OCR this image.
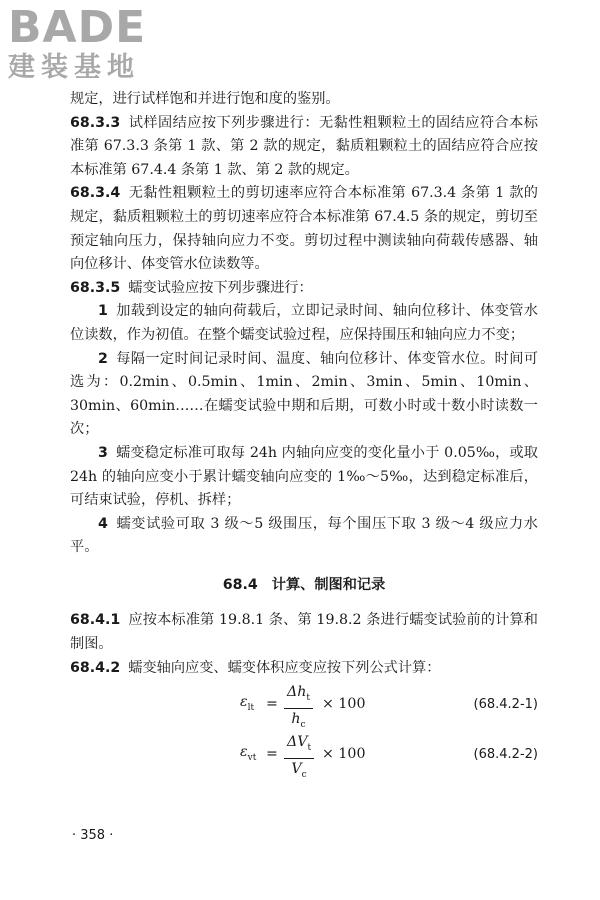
BADE
建装基地

规定，进行试样饱和并进行饱和度的鉴别。

68.3.3 试样固结应按下列步骤进行：无黏性粗颗粒土的固结应符合本标准第 67.3.3 条第 1 款、第 2 款的规定，黏质粗颗粒土的固结应符合应按本标准第 67.4.4 条第 1 款、第 2 款的规定。

68.3.4 无黏性粗颗粒土的剪切速率应符合本标准第 67.3.4 条第 1 款的规定，黏质粗颗粒土的剪切速率应符合本标准第 67.4.5 条的规定，剪切至预定轴向压力，保持轴向应力不变。剪切过程中测读轴向荷载传感器、轴向位移计、体变管水位读数等。

68.3.5 蠕变试验应按下列步骤进行：

1 加载到设定的轴向荷载后，立即记录时间、轴向位移计、体变管水位读数，作为初值。在整个蠕变试验过程，应保持围压和轴向应力不变；

2 每隔一定时间记录时间、温度、轴向位移计、体变管水位。时间可选为：0.2min、0.5min、1min、2min、3min、5min、10min、30min、60min……在蠕变试验中期和后期，可数小时或十数小时读数一次；

3 蠕变稳定标准可取每 24h 内轴向应变的变化量小于 0.05‰，或取 24h 的轴向应变小于累计蠕变轴向应变的 1‰～5‰，达到稳定标准后，可结束试验，停机、拆样；

4 蠕变试验可取 3 级～5 级围压，每个围压下取 3 级～4 级应力水平。

68.4 计算、制图和记录

68.4.1 应按本标准第 19.8.1 条、第 19.8.2 条进行蠕变试验前的计算和制图。

68.4.2 蠕变轴向应变、蠕变体积应变应按下列公式计算：

$\varepsilon_{lt} = \frac{\Delta h_t}{h_c} \times 100$	(68.4.2-1)
$\varepsilon_{vt} = \frac{\Delta V_t}{V_c} \times 100$	(68.4.2-2)
· 358 ·
